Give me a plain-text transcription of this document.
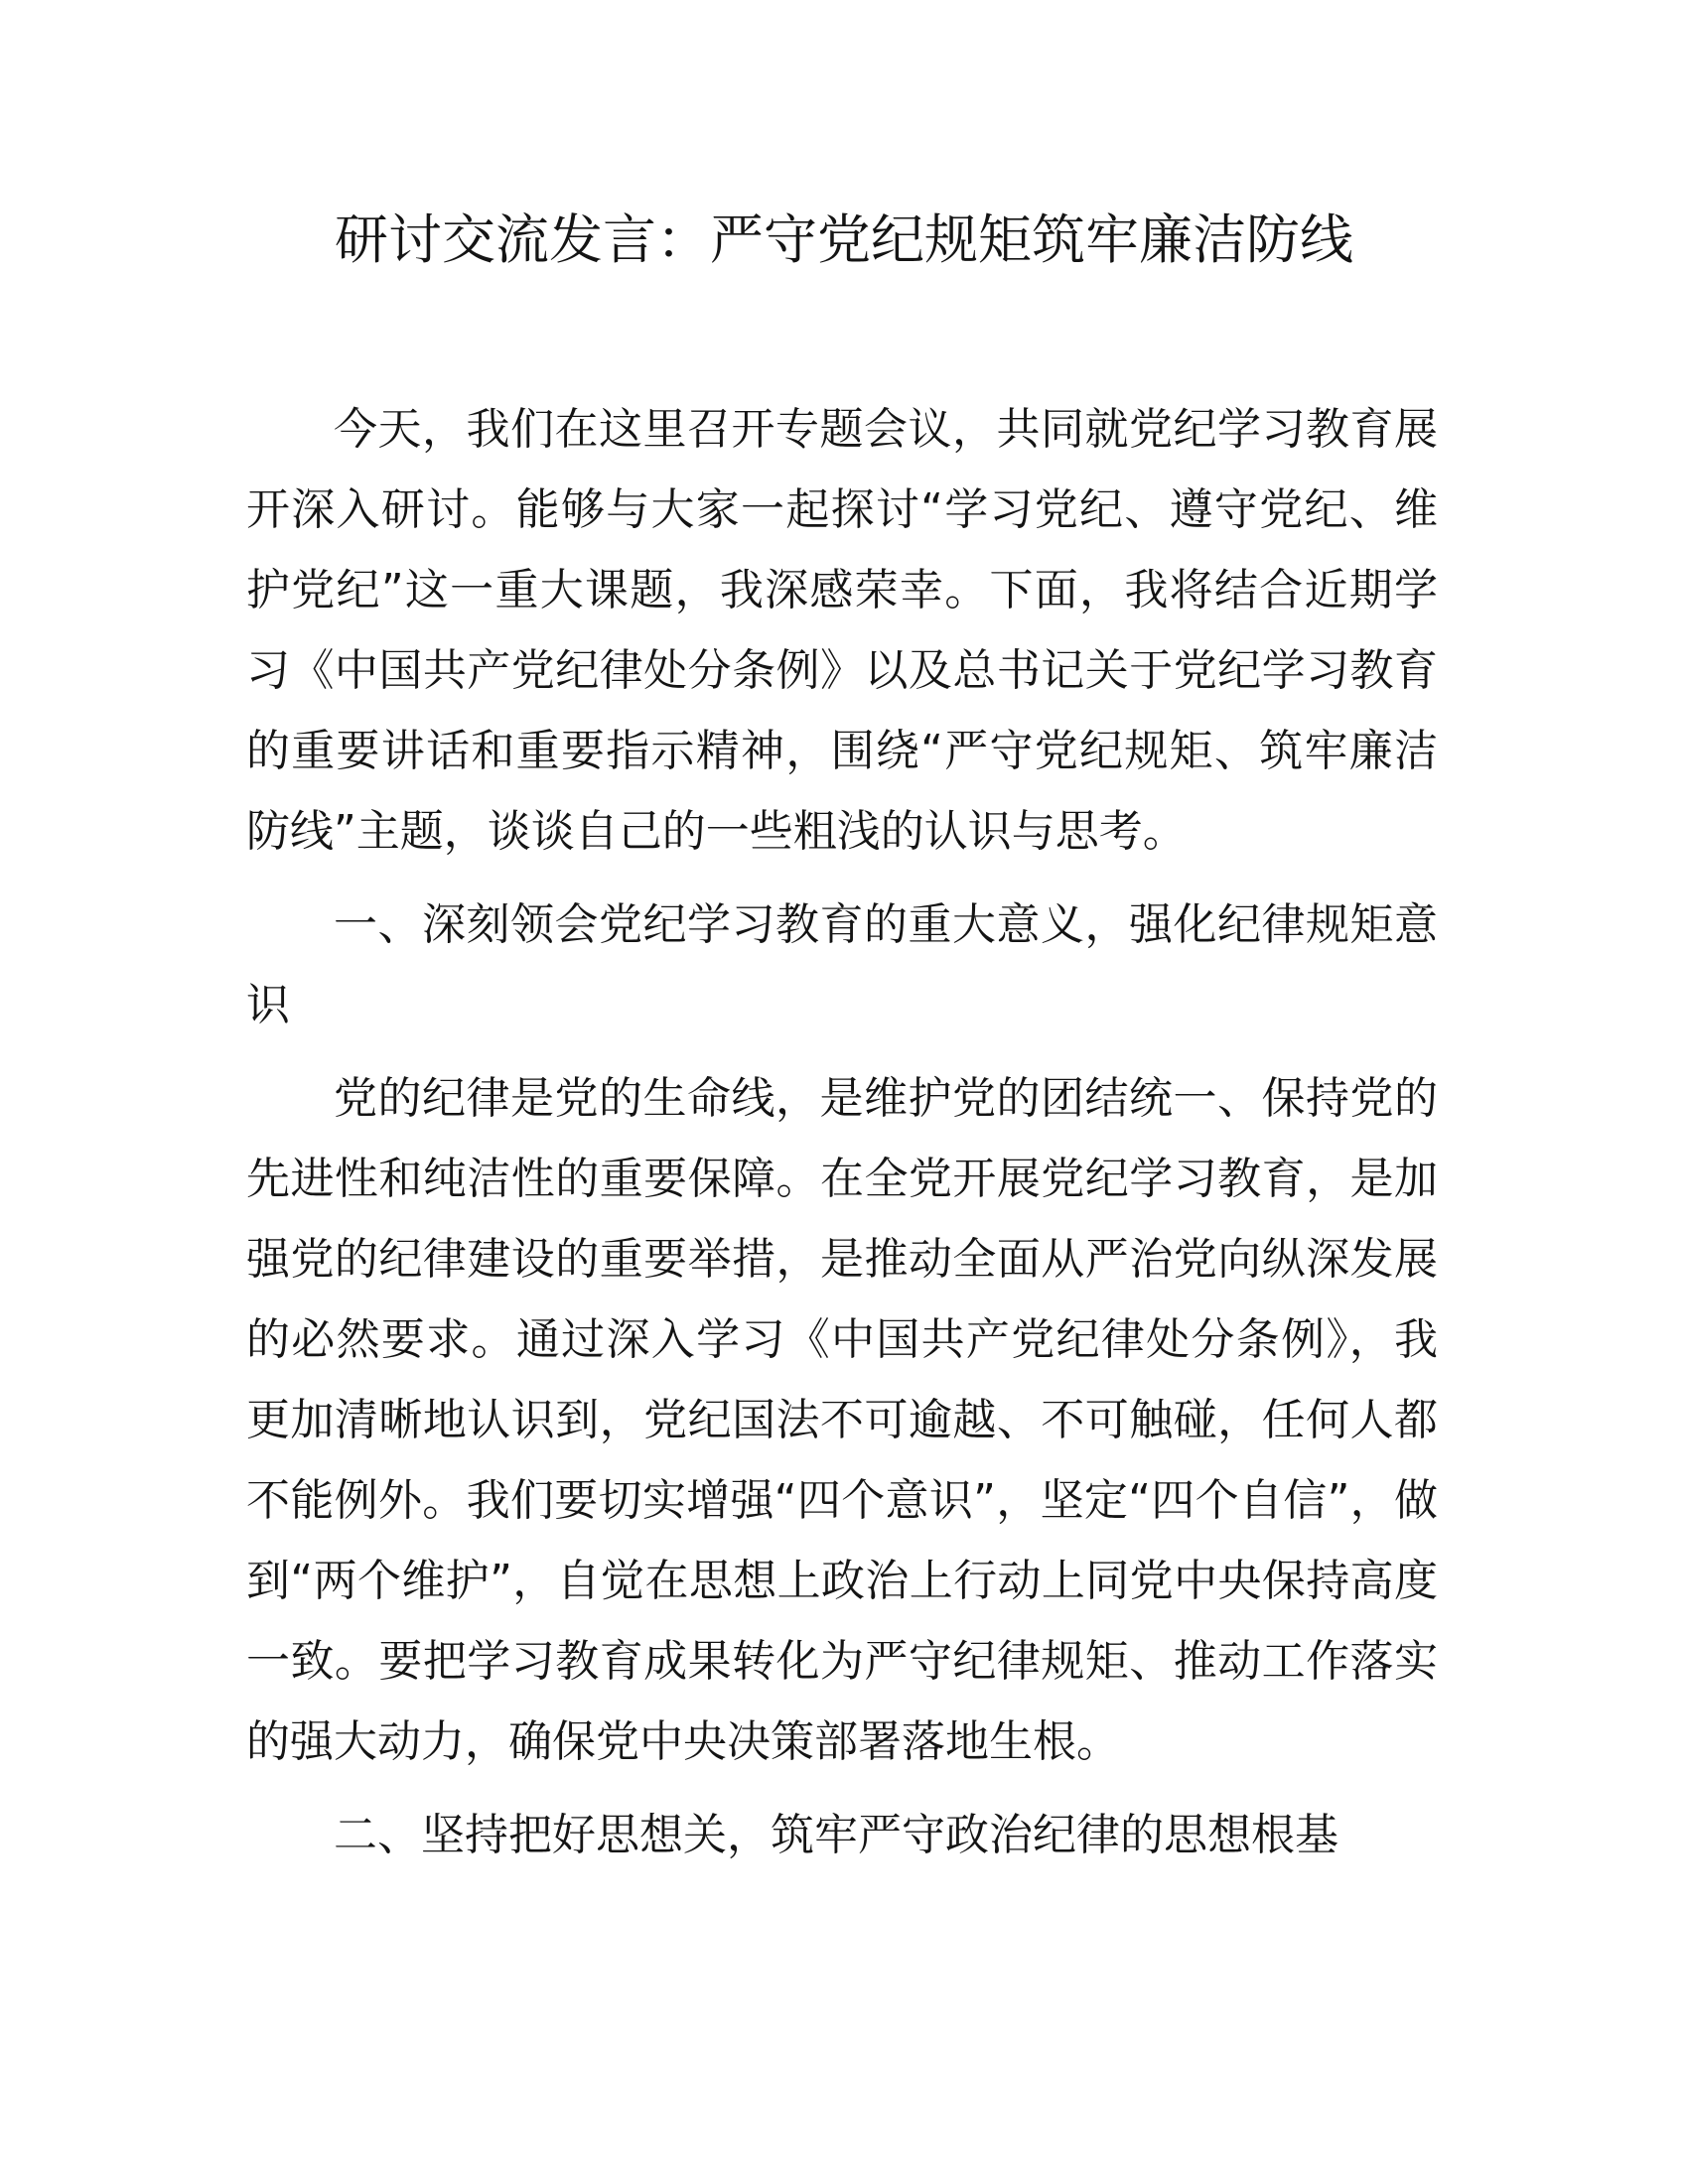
研讨交流发言：严守党纪规矩筑牢廉洁防线

今天，我们在这里召开专题会议，共同就党纪学习教育展开深入研讨。能够与大家一起探讨“学习党纪、遵守党纪、维护党纪”这一重大课题，我深感荣幸。下面，我将结合近期学习《中国共产党纪律处分条例》以及总书记关于党纪学习教育的重要讲话和重要指示精神，围绕“严守党纪规矩、筑牢廉洁防线”主题，谈谈自己的一些粗浅的认识与思考。

一、深刻领会党纪学习教育的重大意义，强化纪律规矩意识

党的纪律是党的生命线，是维护党的团结统一、保持党的先进性和纯洁性的重要保障。在全党开展党纪学习教育，是加强党的纪律建设的重要举措，是推动全面从严治党向纵深发展的必然要求。通过深入学习《中国共产党纪律处分条例》，我更加清晰地认识到，党纪国法不可逾越、不可触碰，任何人都不能例外。我们要切实增强“四个意识”，坚定“四个自信”，做到“两个维护”，自觉在思想上政治上行动上同党中央保持高度一致。要把学习教育成果转化为严守纪律规矩、推动工作落实的强大动力，确保党中央决策部署落地生根。

二、坚持把好思想关，筑牢严守政治纪律的思想根基
